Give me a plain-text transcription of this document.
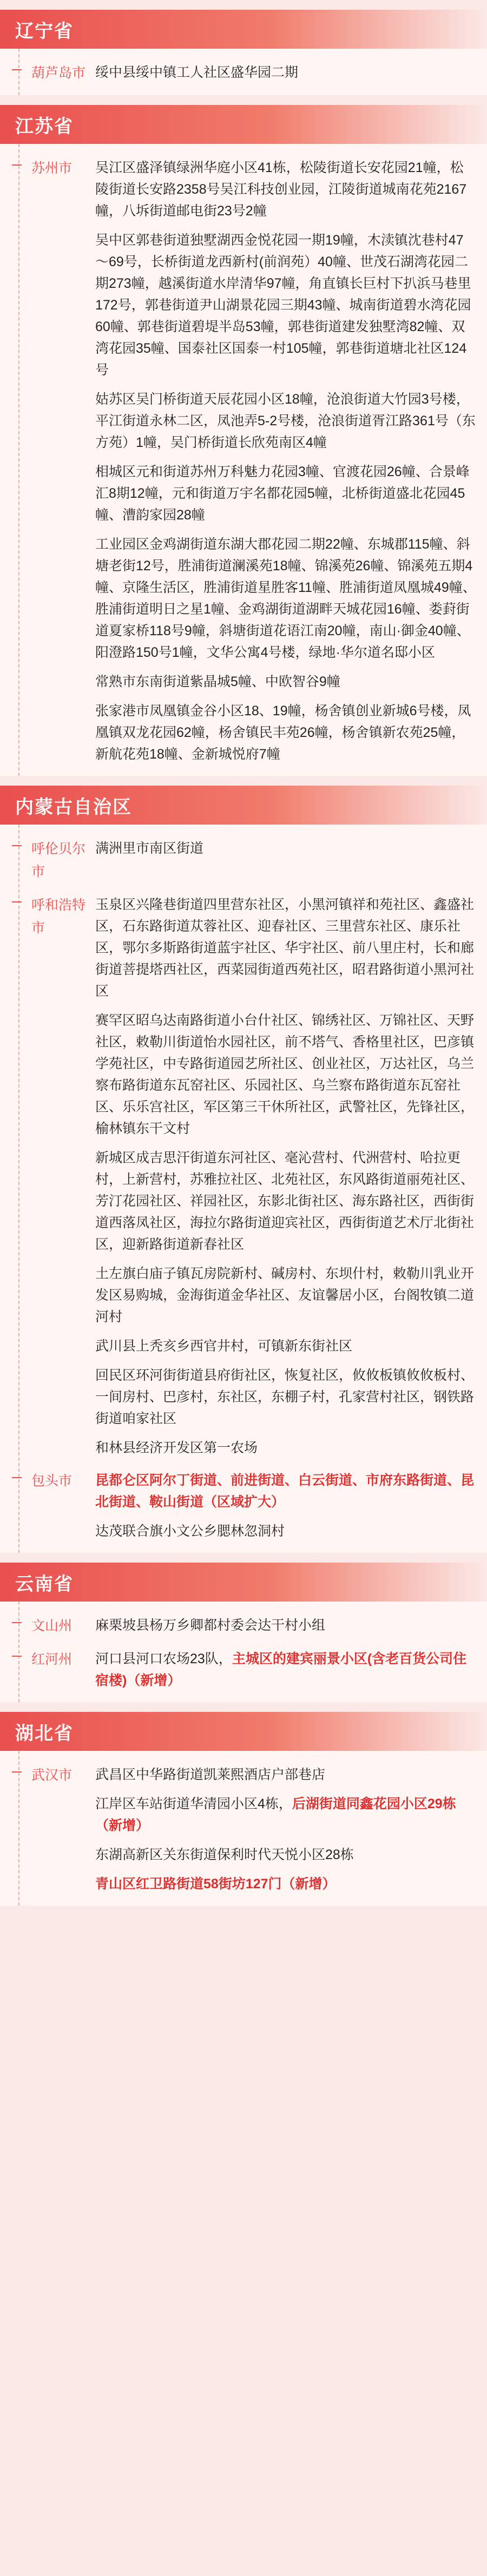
辽宁省
葫芦岛市 绥中县绥中镇工人社区盛华园二期
江苏省
苏州市	吴江区盛泽镇绿洲华庭小区41栋，松陵街道长安花园21幢，松陵街道长安路2358号吴江科技创业园，江陵街道城南花苑2167幢，八坼街道邮电街23号2幢
吴中区郭巷街道独墅湖西金悦花园一期19幢，木渎镇沈巷村47～69号，长桥街道龙西新村(前润苑）40幢、世茂石湖湾花园二期273幢，越溪街道水岸清华97幢，角直镇长巨村下扒浜马巷里172号，郭巷街道尹山湖景花园三期43幢、城南街道碧水湾花园60幢、郭巷街道碧堤半岛53幢，郭巷街道建发独墅湾82幢、双湾花园35幢、国泰社区国泰一村105幢，郭巷街道塘北社区124号
姑苏区吴门桥街道天辰花园小区18幢，沧浪街道大竹园3号楼，平江街道永林二区，凤池弄5-2号楼，沧浪街道胥江路361号（东方苑）1幢，吴门桥街道长欣苑南区4幢
相城区元和街道苏州万科魅力花园3幢、官渡花园26幢、合景峰汇8期12幢，元和街道万宇名都花园5幢，北桥街道盛北花园45幢、漕韵家园28幢
工业园区金鸡湖街道东湖大郡花园二期22幢、东城郡115幢、斜塘老街12号，胜浦街道澜溪苑18幢、锦溪苑26幢、锦溪苑五期4幢、京隆生活区，胜浦街道星胜客11幢、胜浦街道凤凰城49幢、胜浦街道明日之星1幢、金鸡湖街道湖畔天城花园16幢、娄葑街道夏家桥118号9幢，斜塘街道花语江南20幢，南山·御金40幢、阳澄路150号1幢，文华公寓4号楼，绿地·华尔道名邸小区
常熟市东南街道紫晶城5幢、中欧智谷9幢
张家港市凤凰镇金谷小区18、19幢，杨舍镇创业新城6号楼，凤凰镇双龙花园62幢，杨舍镇民丰苑26幢，杨舍镇新农苑25幢，新航花苑18幢、金新城悦府7幢
内蒙古自治区
呼伦贝尔市
满洲里市南区街道
呼和浩特市
玉泉区兴隆巷街道四里营东社区，小黑河镇祥和苑社区、鑫盛社区，石东路街道苁蓉社区、迎春社区、三里营东社区、康乐社区，鄂尔多斯路街道蓝宇社区、华宇社区、前八里庄村，长和廊街道菩提塔西社区，西菜园街道西苑社区，昭君路街道小黑河社区
赛罕区昭乌达南路街道小台什社区、锦绣社区、万锦社区、天野社区，敕勒川街道怡水园社区，前不塔气、香格里社区，巴彦镇学苑社区，中专路街道园艺所社区、创业社区，万达社区，乌兰察布路街道东瓦窑社区、乐园社区、乌兰察布路街道东瓦窑社区、乐乐宫社区，军区第三干休所社区，武警社区，先锋社区，榆林镇东干文村
新城区成吉思汗街道东河社区、毫沁营村、代洲营村、哈拉更村，上新营村，苏雅拉社区、北苑社区，东风路街道丽苑社区、芳汀花园社区、祥园社区，东影北街社区、海东路社区，西街街道西落凤社区，海拉尔路街道迎宾社区，西街街道艺术厅北街社区，迎新路街道新春社区
土左旗白庙子镇瓦房院新村、碱房村、东坝什村，敕勒川乳业开发区易购城，金海街道金华社区、友谊馨居小区，台阁牧镇二道河村
武川县上秃亥乡西官井村，可镇新东街社区
回民区环河街街道县府街社区，恢复社区，攸攸板镇攸攸板村、一间房村、巴彦村，东社区，东棚子村，孔家营村社区，钢铁路街道咱家社区
和林县经济开发区第一农场
包头市	昆都仑区阿尔丁街道、前进街道、白云街道、市府东路街道、昆北街道、鞍山街道（区域扩大）
达茂联合旗小文公乡腮林忽洞村
云南省
文山州	麻栗坡县杨万乡卿都村委会达干村小组
红河州	河口县河口农场23队，主城区的建宾丽景小区(含老百货公司住宿楼)（新增）
湖北省
武汉市	武昌区中华路街道凯莱熙酒店户部巷店
江岸区车站街道华清园小区4栋，后湖街道同鑫花园小区29栋（新增）
东湖高新区关东街道保利时代天悦小区28栋
青山区红卫路街道58街坊127门（新增）
